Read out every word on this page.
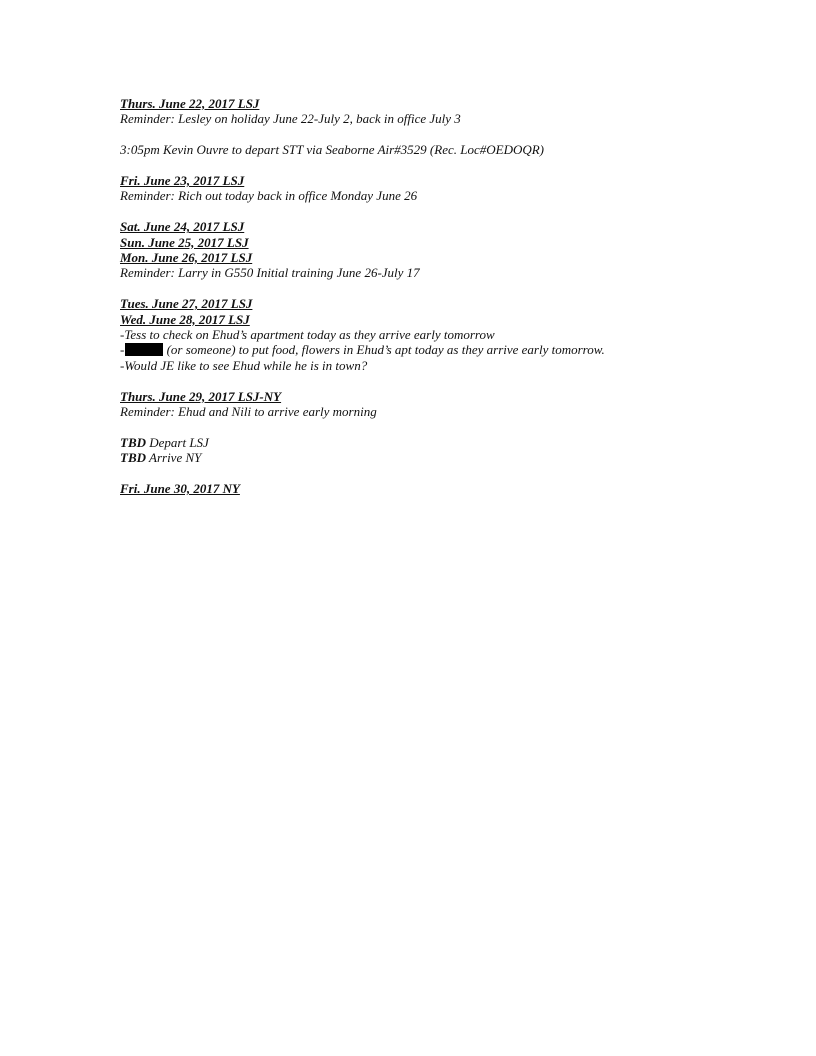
Thurs. June 22, 2017 LSJ
Reminder: Lesley on holiday June 22-July 2, back in office July 3
3:05pm Kevin Ouvre to depart STT via Seaborne Air#3529 (Rec. Loc#OEDOQR)
Fri. June 23, 2017 LSJ
Reminder: Rich out today back in office Monday June 26
Sat. June 24, 2017 LSJ
Sun. June 25, 2017 LSJ
Mon. June 26, 2017 LSJ
Reminder: Larry in G550 Initial training June 26-July 17
Tues. June 27, 2017 LSJ
Wed. June 28, 2017 LSJ
-Tess to check on Ehud’s apartment today as they arrive early tomorrow
-	(or someone) to put food, flowers in Ehud’s apt today as they arrive early tomorrow.
-Would JE like to see Ehud while he is in town?
Thurs. June 29, 2017 LSJ-NY
Reminder: Ehud and Nili to arrive early morning
TBD Depart LSJ
TBD Arrive NY
Fri. June 30, 2017 NY
